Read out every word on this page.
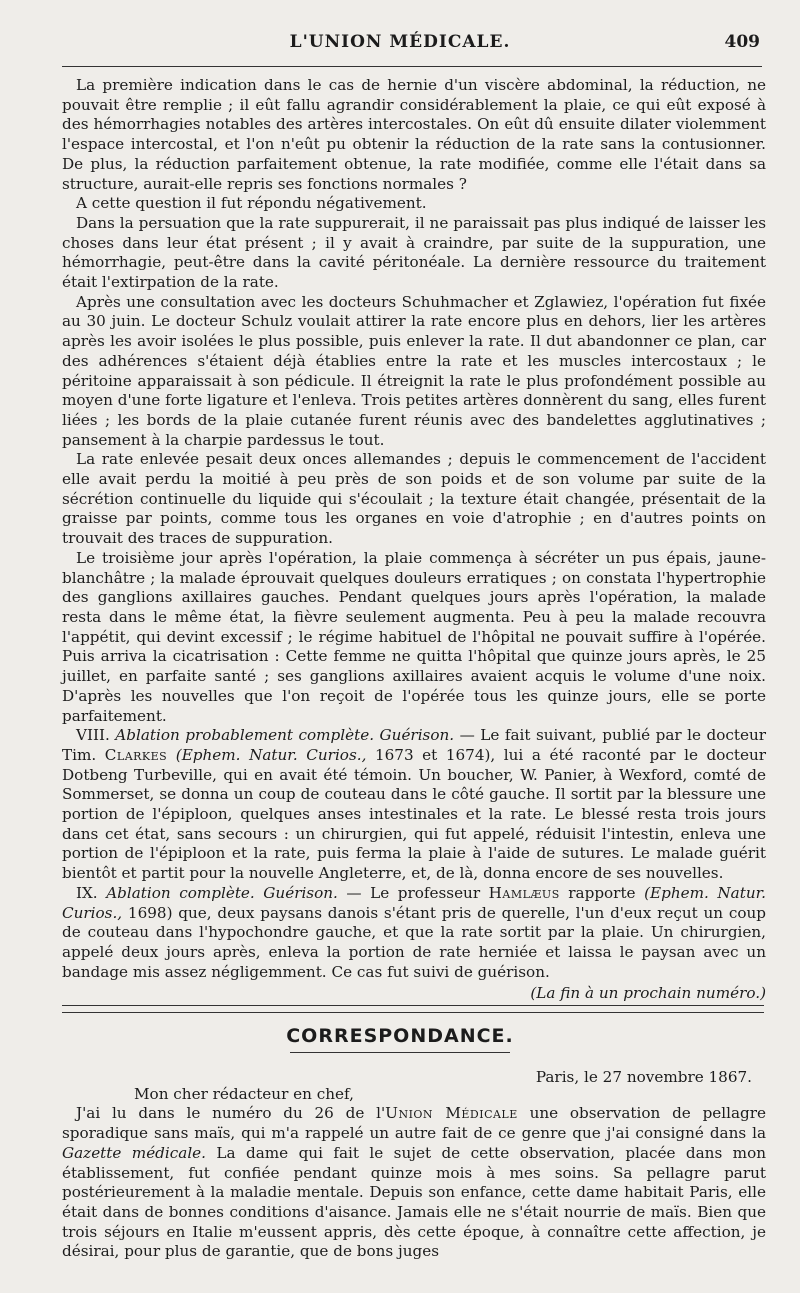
L'UNION MÉDICALE.	409

La première indication dans le cas de hernie d'un viscère abdominal, la réduction, ne pouvait être remplie ; il eût fallu agrandir considérablement la plaie, ce qui eût exposé à des hémorrhagies notables des artères intercostales. On eût dû ensuite dilater violemment l'espace intercostal, et l'on n'eût pu obtenir la réduction de la rate sans la contusionner. De plus, la réduction parfaitement obtenue, la rate modifiée, comme elle l'était dans sa structure, aurait-elle repris ses fonctions normales ?

A cette question il fut répondu négativement.

Dans la persuation que la rate suppurerait, il ne paraissait pas plus indiqué de laisser les choses dans leur état présent ; il y avait à craindre, par suite de la suppuration, une hémorrhagie, peut-être dans la cavité péritonéale. La dernière ressource du traitement était l'extirpation de la rate.

Après une consultation avec les docteurs Schuhmacher et Zglawiez, l'opération fut fixée au 30 juin. Le docteur Schulz voulait attirer la rate encore plus en dehors, lier les artères après les avoir isolées le plus possible, puis enlever la rate. Il dut abandonner ce plan, car des adhérences s'étaient déjà établies entre la rate et les muscles intercostaux ; le péritoine apparaissait à son pédicule. Il étreignit la rate le plus profondément possible au moyen d'une forte ligature et l'enleva. Trois petites artères donnèrent du sang, elles furent liées ; les bords de la plaie cutanée furent réunis avec des bandelettes agglutinatives ; pansement à la charpie pardessus le tout.

La rate enlevée pesait deux onces allemandes ; depuis le commencement de l'accident elle avait perdu la moitié à peu près de son poids et de son volume par suite de la sécrétion continuelle du liquide qui s'écoulait ; la texture était changée, présentait de la graisse par points, comme tous les organes en voie d'atrophie ; en d'autres points on trouvait des traces de suppuration.

Le troisième jour après l'opération, la plaie commença à sécréter un pus épais, jaune-blanchâtre ; la malade éprouvait quelques douleurs erratiques ; on constata l'hypertrophie des ganglions axillaires gauches. Pendant quelques jours après l'opération, la malade resta dans le même état, la fièvre seulement augmenta. Peu à peu la malade recouvra l'appétit, qui devint excessif ; le régime habituel de l'hôpital ne pouvait suffire à l'opérée. Puis arriva la cicatrisation : Cette femme ne quitta l'hôpital que quinze jours après, le 25 juillet, en parfaite santé ; ses ganglions axillaires avaient acquis le volume d'une noix. D'après les nouvelles que l'on reçoit de l'opérée tous les quinze jours, elle se porte parfaitement.

VIII. Ablation probablement complète. Guérison. — Le fait suivant, publié par le docteur Tim. Clarkes (Ephem. Natur. Curios., 1673 et 1674), lui a été raconté par le docteur Dotbeng Turbeville, qui en avait été témoin. Un boucher, W. Panier, à Wexford, comté de Sommerset, se donna un coup de couteau dans le côté gauche. Il sortit par la blessure une portion de l'épiploon, quelques anses intestinales et la rate. Le blessé resta trois jours dans cet état, sans secours : un chirurgien, qui fut appelé, réduisit l'intestin, enleva une portion de l'épiploon et la rate, puis ferma la plaie à l'aide de sutures. Le malade guérit bientôt et partit pour la nouvelle Angleterre, et, de là, donna encore de ses nouvelles.

IX. Ablation complète. Guérison. — Le professeur Hamlæus rapporte (Ephem. Natur. Curios., 1698) que, deux paysans danois s'étant pris de querelle, l'un d'eux reçut un coup de couteau dans l'hypochondre gauche, et que la rate sortit par la plaie. Un chirurgien, appelé deux jours après, enleva la portion de rate herniée et laissa le paysan avec un bandage mis assez négligemment. Ce cas fut suivi de guérison.

(La fin à un prochain numéro.)

CORRESPONDANCE.

Paris, le 27 novembre 1867.

Mon cher rédacteur en chef,

J'ai lu dans le numéro du 26 de l'Union Médicale une observation de pellagre sporadique sans maïs, qui m'a rappelé un autre fait de ce genre que j'ai consigné dans la Gazette médicale. La dame qui fait le sujet de cette observation, placée dans mon établissement, fut confiée pendant quinze mois à mes soins. Sa pellagre parut postérieurement à la maladie mentale. Depuis son enfance, cette dame habitait Paris, elle était dans de bonnes conditions d'aisance. Jamais elle ne s'était nourrie de maïs. Bien que trois séjours en Italie m'eussent appris, dès cette époque, à connaître cette affection, je désirai, pour plus de garantie, que de bons juges
